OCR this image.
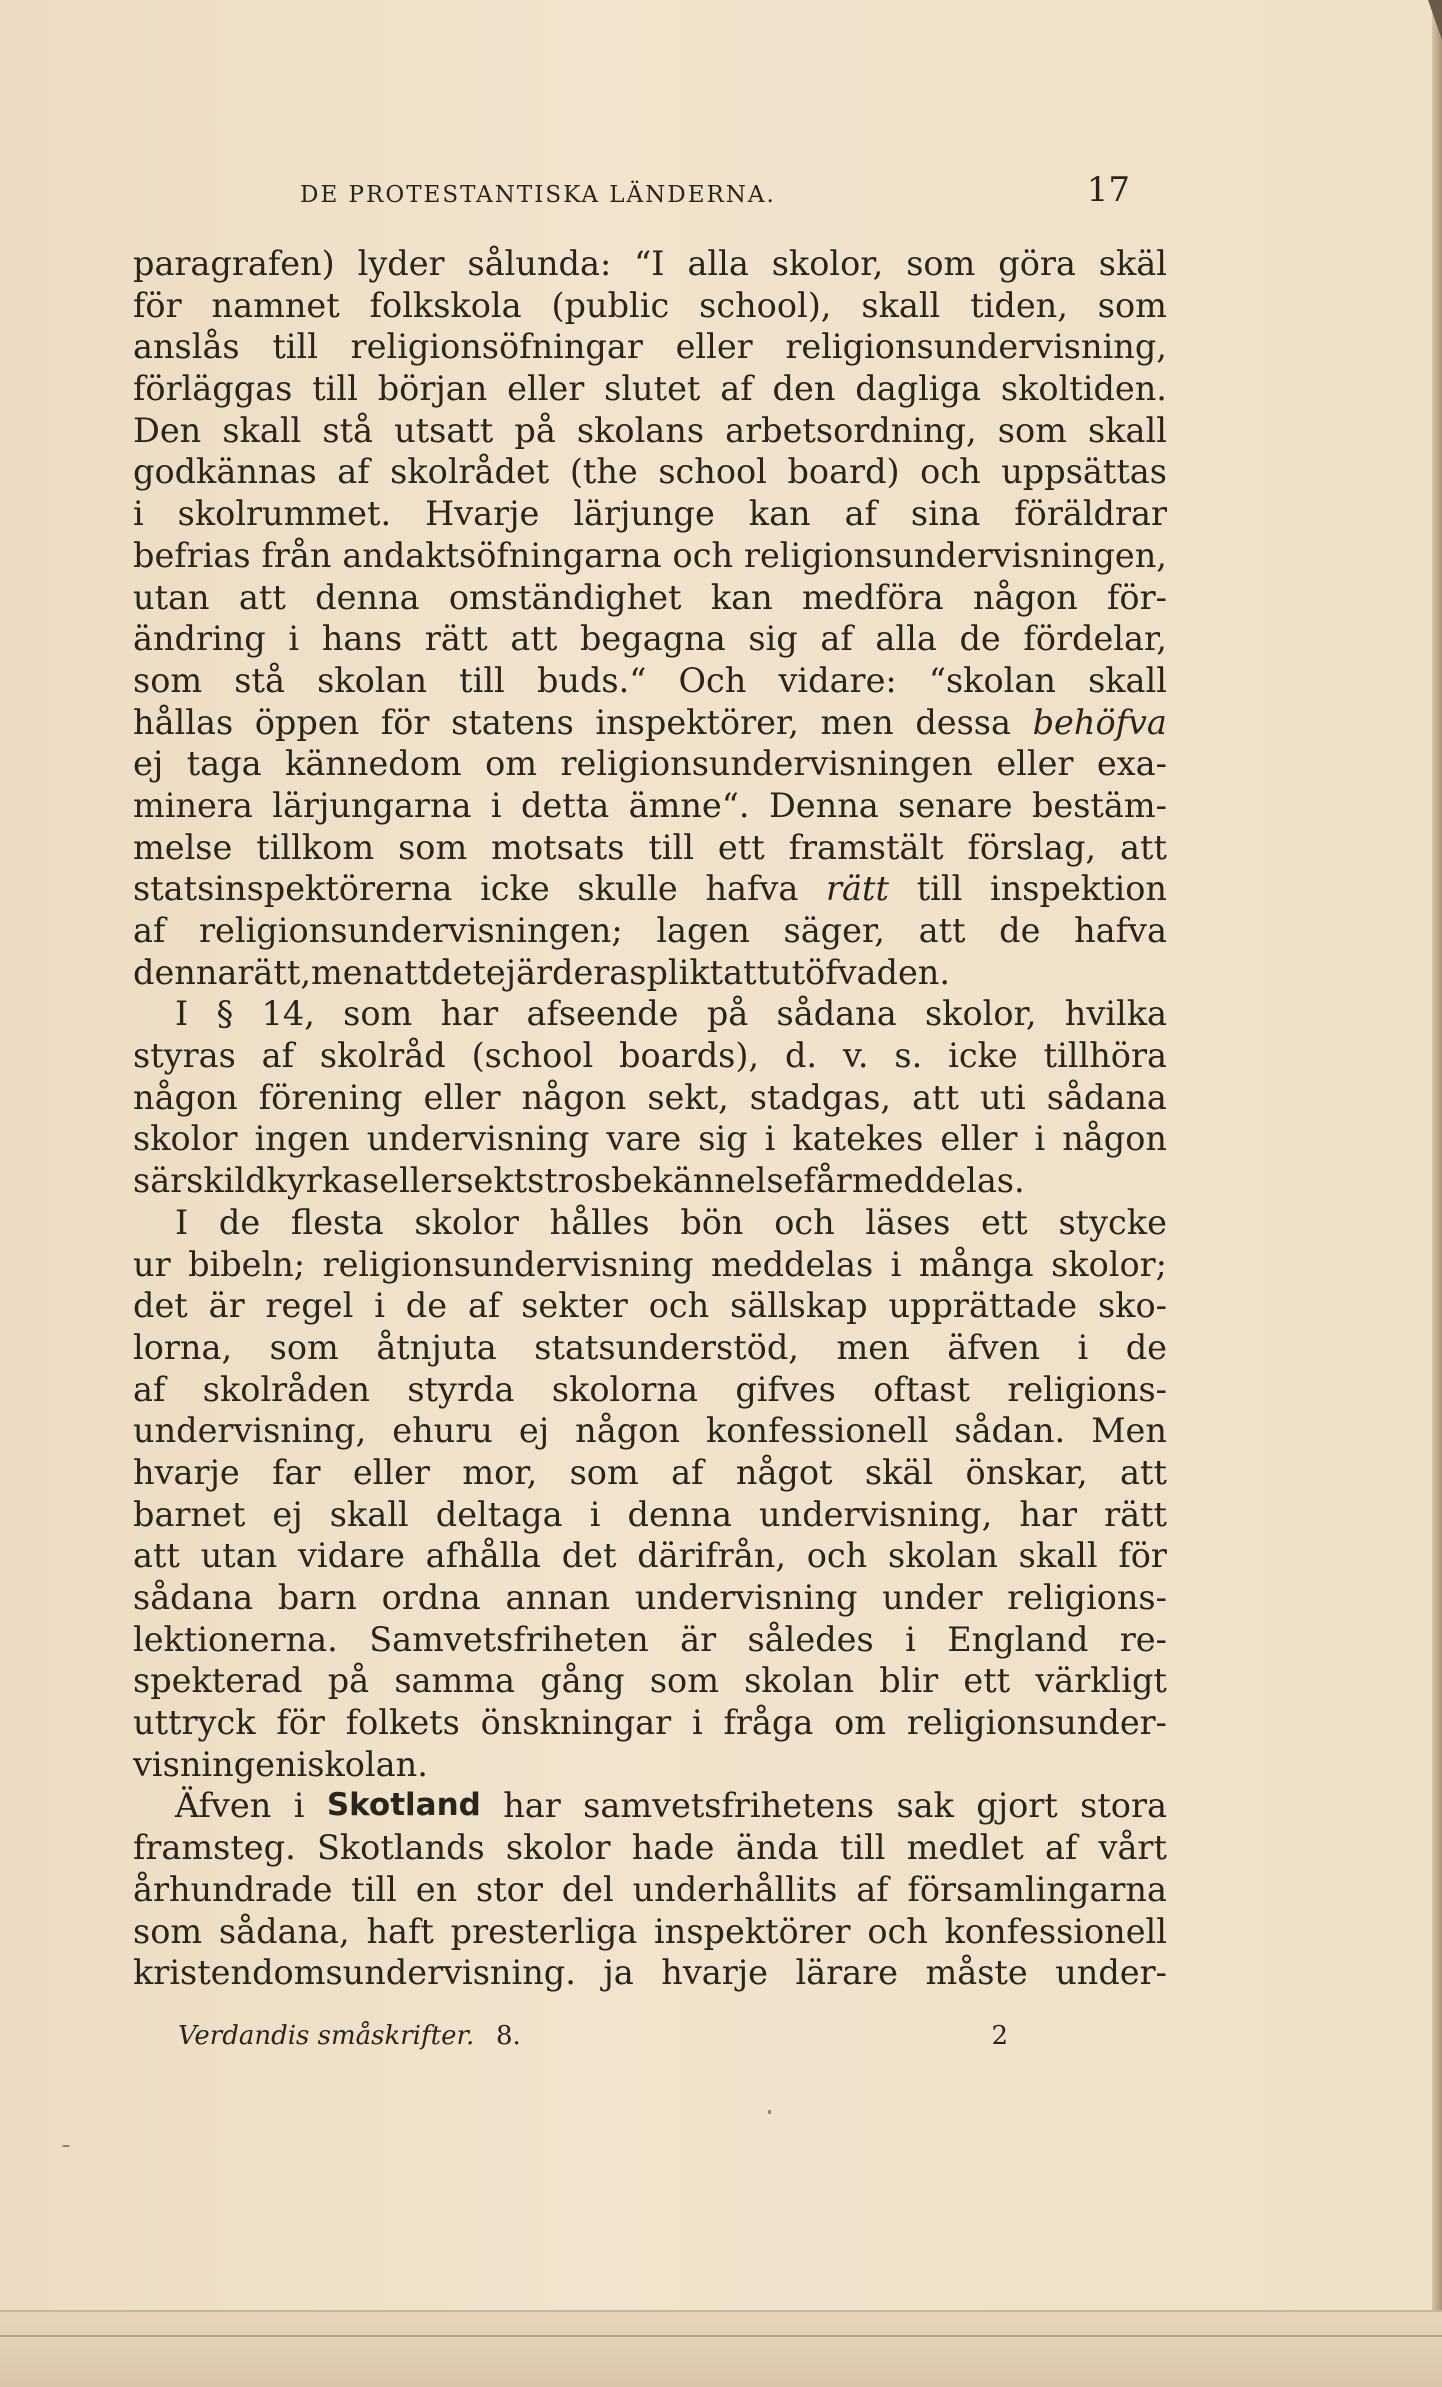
DE PROTESTANTISKA LÄNDERNA.	17
paragrafen) lyder sålunda: “I alla skolor, som göra skäl
för namnet folkskola (public school), skall tiden, som
anslås till religionsöfningar eller religionsundervisning,
förläggas till början eller slutet af den dagliga skoltiden.
Den skall stå utsatt på skolans arbetsordning, som skall
godkännas af skolrådet (the school board) och uppsättas
i skolrummet. Hvarje lärjunge kan af sina föräldrar
befrias från andaktsöfningarna och religionsundervisningen,
utan att denna omständighet kan medföra någon för-
ändring i hans rätt att begagna sig af alla de fördelar,
som stå skolan till buds.“ Och vidare: “skolan skall
hållas öppen för statens inspektörer, men dessa behöfva
ej taga kännedom om religionsundervisningen eller exa-
minera lärjungarna i detta ämne“. Denna senare bestäm-
melse tillkom som motsats till ett framstält förslag, att
statsinspektörerna icke skulle hafva rätt till inspektion
af religionsundervisningen; lagen säger, att de hafva
denna rätt, men att det ej är deras plikt att utöfva den.
I § 14, som har afseende på sådana skolor, hvilka
styras af skolråd (school boards), d. v. s. icke tillhöra
någon förening eller någon sekt, stadgas, att uti sådana
skolor ingen undervisning vare sig i katekes eller i någon
särskild kyrkas eller sekts trosbekännelse får meddelas.
I de flesta skolor hålles bön och läses ett stycke
ur bibeln; religionsundervisning meddelas i många skolor;
det är regel i de af sekter och sällskap upprättade sko-
lorna, som åtnjuta statsunderstöd, men äfven i de
af skolråden styrda skolorna gifves oftast religions-
undervisning, ehuru ej någon konfessionell sådan. Men
hvarje far eller mor, som af något skäl önskar, att
barnet ej skall deltaga i denna undervisning, har rätt
att utan vidare afhålla det därifrån, och skolan skall för
sådana barn ordna annan undervisning under religions-
lektionerna. Samvetsfriheten är således i England re-
spekterad på samma gång som skolan blir ett värkligt
uttryck för folkets önskningar i fråga om religionsunder-
visningen i skolan.
Äfven i Skotland har samvetsfrihetens sak gjort stora
framsteg. Skotlands skolor hade ända till medlet af vårt
århundrade till en stor del underhållits af församlingarna
som sådana, haft presterliga inspektörer och konfessionell
kristendomsundervisning. ja hvarje lärare måste under-
Verdandis småskrifter. 8.	2
